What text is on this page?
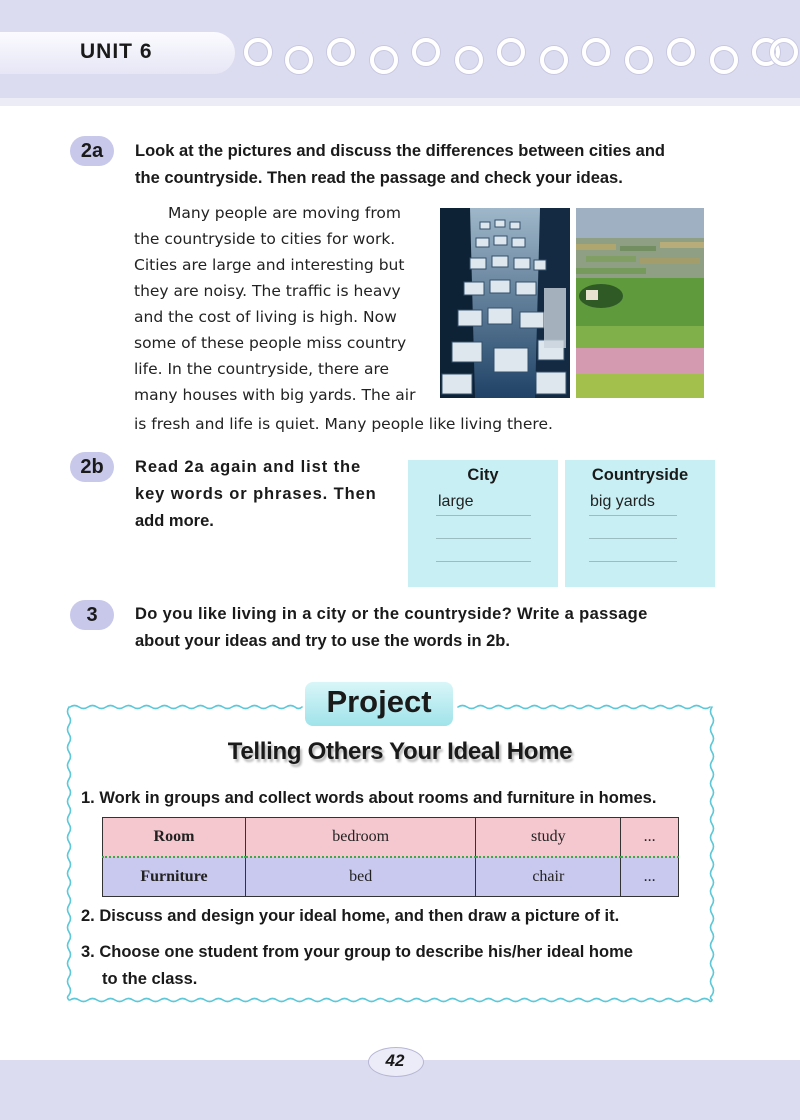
UNIT 6
2a	Look at the pictures and discuss the differences between cities and
the countryside. Then read the passage and check your ideas.
Many people are moving from
the countryside to cities for work.
Cities are large and interesting but
they are noisy. The traffic is heavy
and the cost of living is high. Now
some of these people miss country
life. In the countryside, there are
many houses with big yards. The air
is fresh and life is quiet. Many people like living there.
2b	Read 2a again and list the
key words or phrases. Then
add more.
City
large
Countryside
big yards
3	Do you like living in a city or the countryside? Write a passage
about your ideas and try to use the words in 2b.
Project
Telling Others Your Ideal Home
1. Work in groups and collect words about rooms and furniture in homes.
Room	bedroom	study	...
Furniture	bed	chair	...
2. Discuss and design your ideal home, and then draw a picture of it.
3. Choose one student from your group to describe his/her ideal home
to the class.
42
